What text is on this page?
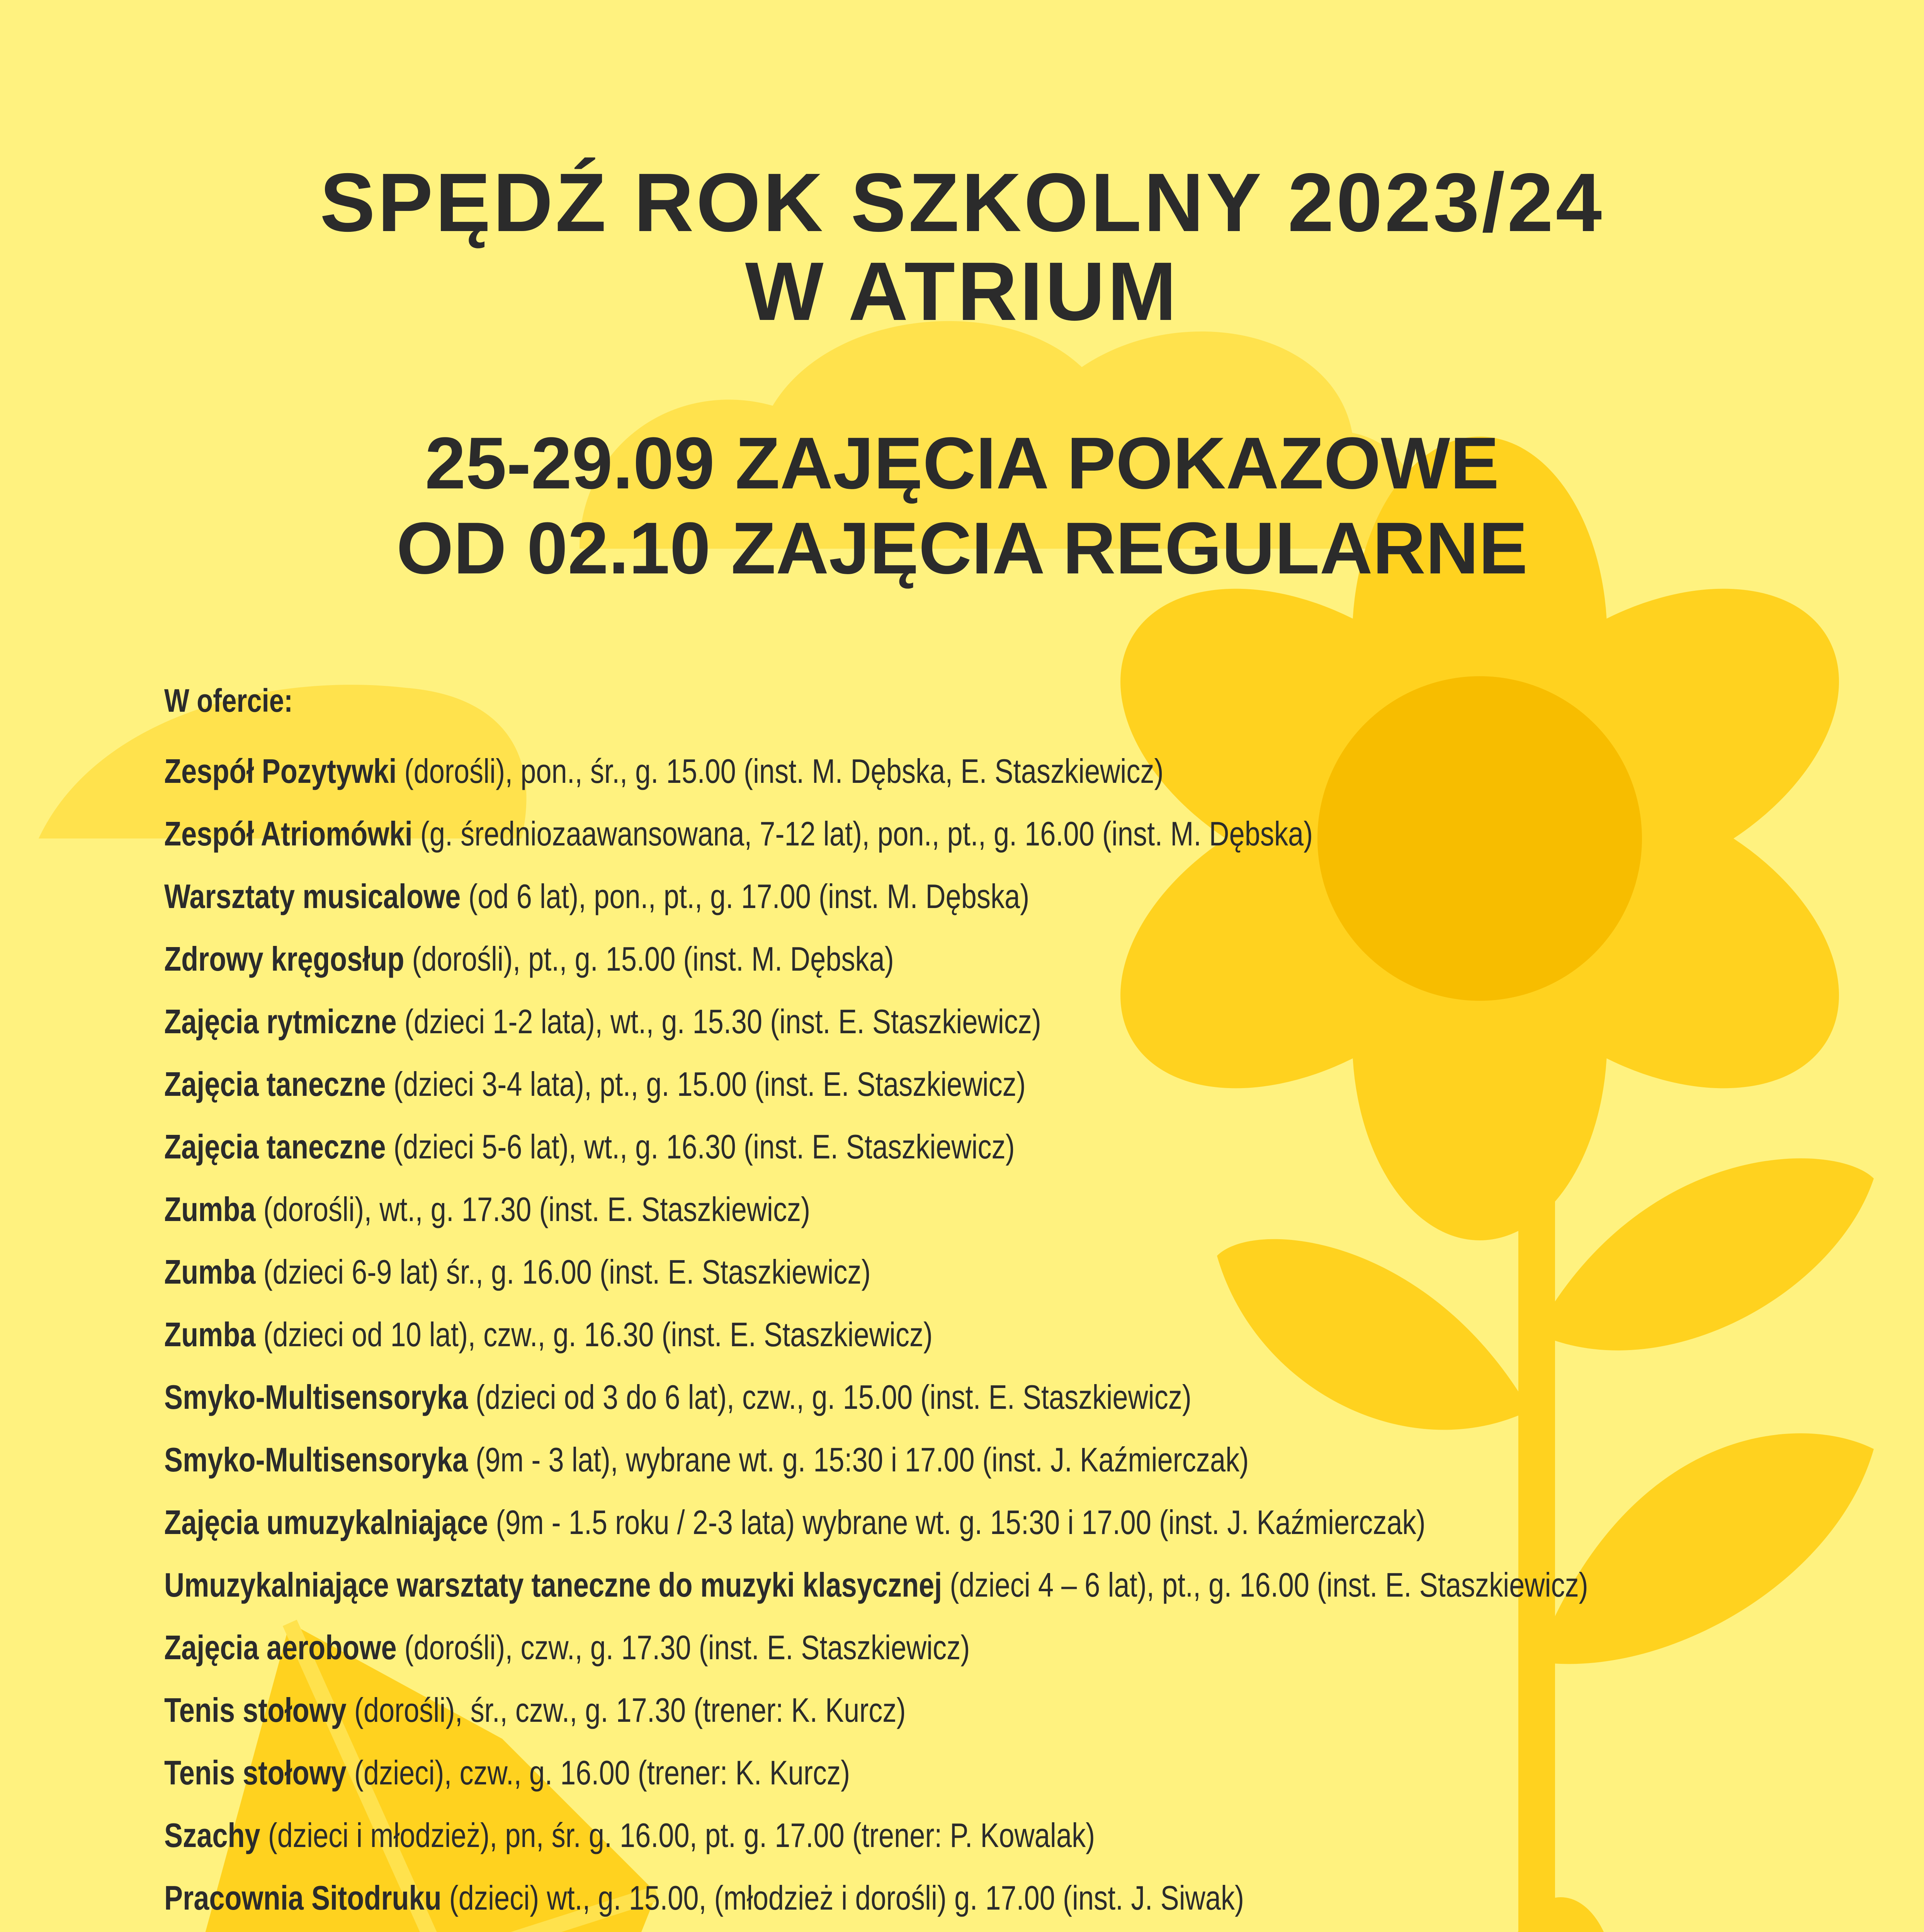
SPĘDŹ ROK SZKOLNY 2023/24
W ATRIUM
25-29.09 ZAJĘCIA POKAZOWE
OD 02.10 ZAJĘCIA REGULARNE

W ofercie:

Zespół Pozytywki (dorośli), pon., śr., g. 15.00 (inst. M. Dębska, E. Staszkiewicz)
Zespół Atriomówki (g. średniozaawansowana, 7-12 lat), pon., pt., g. 16.00 (inst. M. Dębska)
Warsztaty musicalowe (od 6 lat), pon., pt., g. 17.00 (inst. M. Dębska)
Zdrowy kręgosłup (dorośli), pt., g. 15.00 (inst. M. Dębska)
Zajęcia rytmiczne (dzieci 1-2 lata), wt., g. 15.30 (inst. E. Staszkiewicz)
Zajęcia taneczne (dzieci 3-4 lata), pt., g. 15.00 (inst. E. Staszkiewicz)
Zajęcia taneczne (dzieci 5-6 lat), wt., g. 16.30 (inst. E. Staszkiewicz)
Zumba (dorośli), wt., g. 17.30 (inst. E. Staszkiewicz)
Zumba (dzieci 6-9 lat) śr., g. 16.00 (inst. E. Staszkiewicz)
Zumba (dzieci od 10 lat), czw., g. 16.30 (inst. E. Staszkiewicz)
Smyko-Multisensoryka (dzieci od 3 do 6 lat), czw., g. 15.00 (inst. E. Staszkiewicz)
Smyko-Multisensoryka (9m - 3 lat), wybrane wt. g. 15:30 i 17.00 (inst. J. Kaźmierczak)
Zajęcia umuzykalniające (9m - 1.5 roku / 2-3 lata) wybrane wt. g. 15:30 i 17.00 (inst. J. Kaźmierczak)
Umuzykalniające warsztaty taneczne do muzyki klasycznej (dzieci 4 – 6 lat), pt., g. 16.00 (inst. E. Staszkiewicz)
Zajęcia aerobowe (dorośli), czw., g. 17.30 (inst. E. Staszkiewicz)
Tenis stołowy (dorośli), śr., czw., g. 17.30 (trener: K. Kurcz)
Tenis stołowy (dzieci), czw., g. 16.00 (trener: K. Kurcz)
Szachy (dzieci i młodzież), pn, śr. g. 16.00, pt. g. 17.00 (trener: P. Kowalak)
Pracownia Sitodruku (dzieci) wt., g. 15.00, (młodzież i dorośli) g. 17.00 (inst. J. Siwak)
